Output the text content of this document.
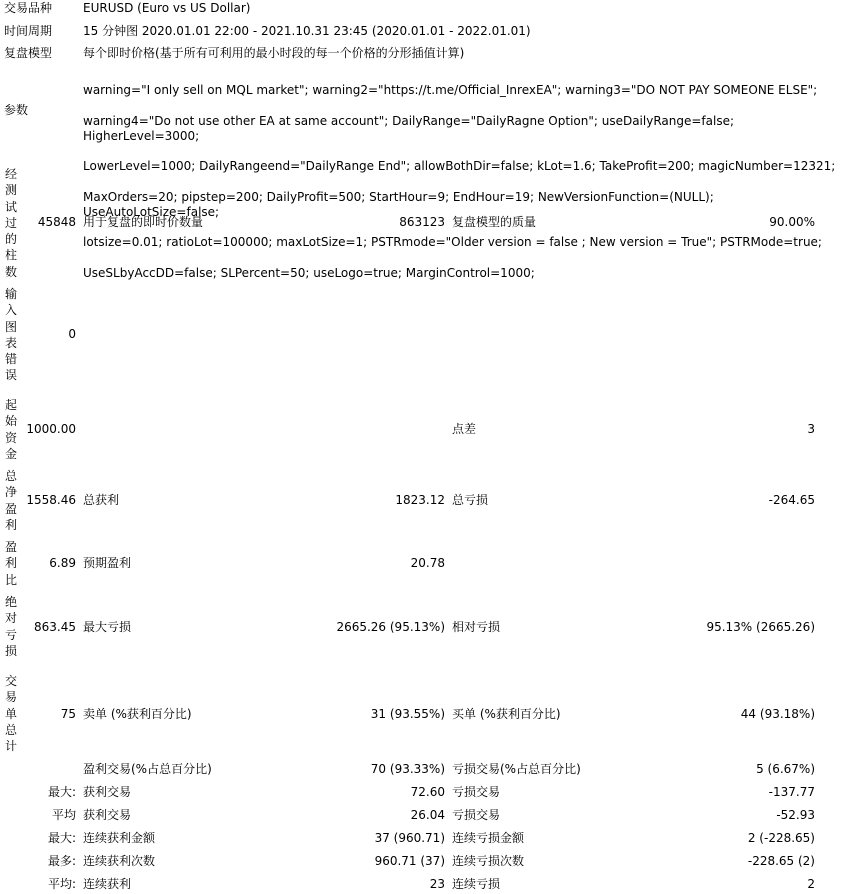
交易品种	EURUSD (Euro vs US Dollar)
时间周期	15 分钟图 2020.01.01 22:00 - 2021.10.31 23:45 (2020.01.01 - 2022.01.01)
复盘模型	每个即时价格(基于所有可利用的最小时段的每一个价格的分形插值计算)
参数

warning="I only sell on MQL market"; warning2="https://t.me/Official_InrexEA"; warning3="DO NOT PAY SOMEONE ELSE";

warning4="Do not use other EA at same account"; DailyRange="DailyRagne Option"; useDailyRange=false; HigherLevel=3000;

LowerLevel=1000; DailyRangeend="DailyRange End"; allowBothDir=false; kLot=1.6; TakeProfit=200; magicNumber=12321;

MaxOrders=20; pipstep=200; DailyProfit=500; StartHour=9; EndHour=19; NewVersionFunction=(NULL); UseAutoLotSize=false;

lotsize=0.01; ratioLot=100000; maxLotSize=1; PSTRmode="Older version = false ; New version = True"; PSTRMode=true;

UseSLbyAccDD=false; SLPercent=50; useLogo=true; MarginControl=1000;

经测试过的柱数
45848 用于复盘的即时价数量	863123 复盘模型的质量	90.00%
输入图表错误
0
起始资金
1000.00	点差	3
总净盈利
1558.46 总获利	1823.12 总亏损	-264.65
盈利比
6.89 预期盈利	20.78
绝对亏损
863.45 最大亏损	2665.26 (95.13%) 相对亏损	95.13% (2665.26)
交易单总计
75 卖单 (%获利百分比)	31 (93.55%) 买单 (%获利百分比)	44 (93.18%)
盈利交易(%占总百分比)	70 (93.33%) 亏损交易(%占总百分比)	5 (6.67%)
最大: 获利交易	72.60 亏损交易	-137.77
平均 获利交易	26.04 亏损交易	-52.93
最大: 连续获利金额	37 (960.71) 连续亏损金额	2 (-228.65)
最多: 连续获利次数	960.71 (37) 连续亏损次数	-228.65 (2)
平均: 连续获利	23 连续亏损	2
